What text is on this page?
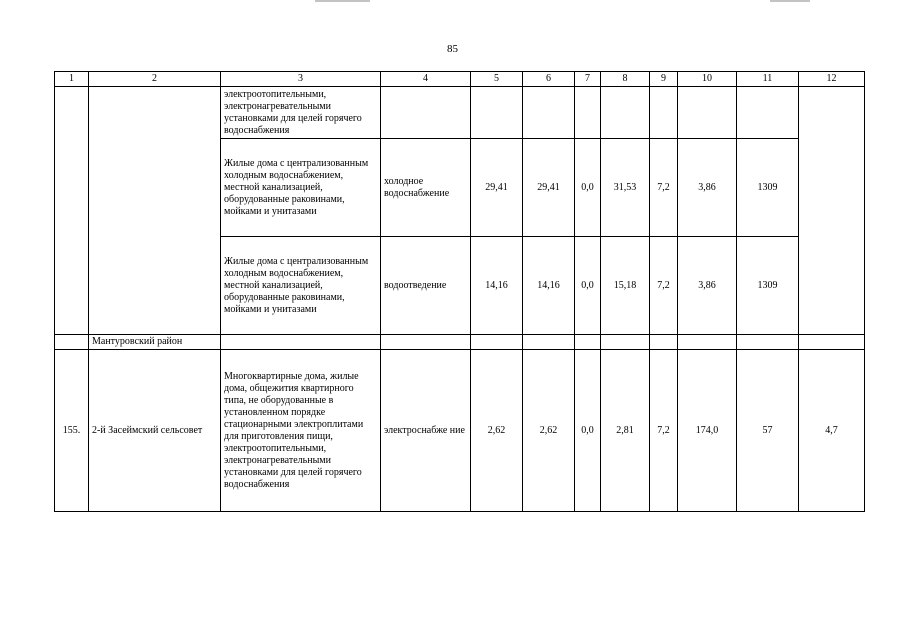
85
1	2	3	4	5	6	7	8	9	10	11	12
		электроотопительными, электронагревательными установками для целей горячего водоснабжения									
		Жилые дома с централизованным холодным водоснабжением, местной канализацией, оборудованные раковинами, мойками и унитазами	холодное водоснабжение	29,41	29,41	0,0	31,53	7,2	3,86	1309	
		Жилые дома с централизованным холодным водоснабжением, местной канализацией, оборудованные раковинами, мойками и унитазами	водоотведение	14,16	14,16	0,0	15,18	7,2	3,86	1309	
	Мантуровский район										
155.	2-й Засеймский сельсовет	Многоквартирные дома, жилые дома, общежития квартирного типа, не оборудованные в установленном порядке стационарными электроплитами для приготовления пищи, электроотопительными, электронагревательными установками для целей горячего водоснабжения	электроснабже ние	2,62	2,62	0,0	2,81	7,2	174,0	57	4,7
